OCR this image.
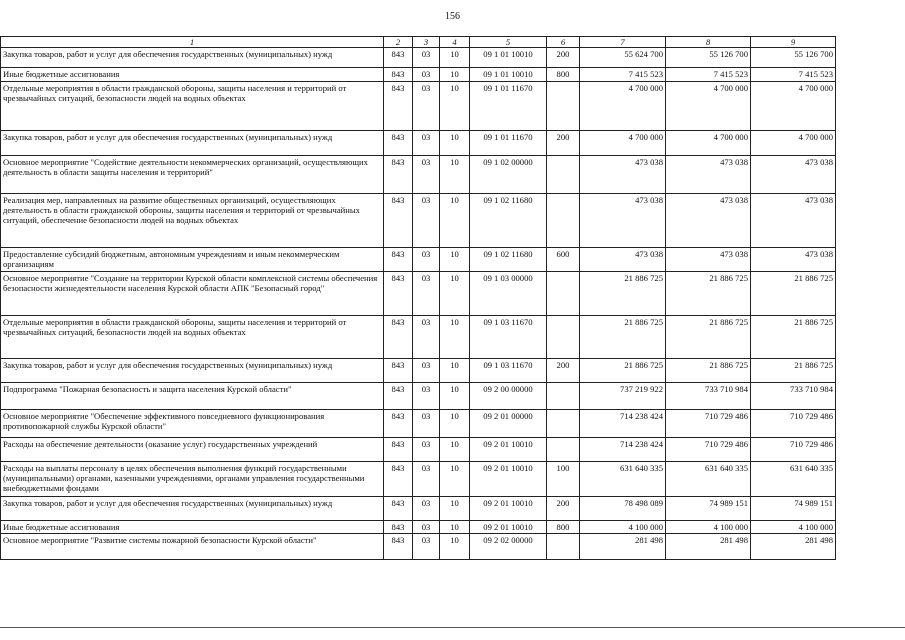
156
1	2	3	4	5	6	7	8	9
Закупка товаров, работ и услуг для обеспечения государственных (муниципальных) нужд	843	03	10	09 1 01 10010	200	55 624 700	55 126 700	55 126 700
Иные бюджетные ассигнования	843	03	10	09 1 01 10010	800	7 415 523	7 415 523	7 415 523
Отдельные мероприятия в области гражданской обороны, защиты населения и территорий от чрезвычайных ситуаций, безопасности людей на водных объектах	843	03	10	09 1 01 11670		4 700 000	4 700 000	4 700 000
Закупка товаров, работ и услуг для обеспечения государственных (муниципальных) нужд	843	03	10	09 1 01 11670	200	4 700 000	4 700 000	4 700 000
Основное мероприятие "Содействие деятельности некоммерческих организаций, осуществляющих деятельность в области защиты населения и территорий"	843	03	10	09 1 02 00000		473 038	473 038	473 038
Реализация мер, направленных на развитие общественных организаций, осуществляющих деятельность в области гражданской обороны, защиты населения и территорий от чрезвычайных ситуаций, обеспечение безопасности людей на водных объектах	843	03	10	09 1 02 11680		473 038	473 038	473 038
Предоставление субсидий бюджетным, автономным учреждениям и иным некоммерческим организациям	843	03	10	09 1 02 11680	600	473 038	473 038	473 038
Основное мероприятие "Создание на территории Курской области комплексной системы обеспечения безопасности жизнедеятельности населения Курской области АПК "Безопасный город"	843	03	10	09 1 03 00000		21 886 725	21 886 725	21 886 725
Отдельные мероприятия в области гражданской обороны, защиты населения и территорий от чрезвычайных ситуаций, безопасности людей на водных объектах	843	03	10	09 1 03 11670		21 886 725	21 886 725	21 886 725
Закупка товаров, работ и услуг для обеспечения государственных (муниципальных) нужд	843	03	10	09 1 03 11670	200	21 886 725	21 886 725	21 886 725
Подпрограмма "Пожарная безопасность и защита населения Курской области"	843	03	10	09 2 00 00000		737 219 922	733 710 984	733 710 984
Основное мероприятие "Обеспечение эффективного повседневного функционирования противопожарной службы Курской области"	843	03	10	09 2 01 00000		714 238 424	710 729 486	710 729 486
Расходы на обеспечение деятельности (оказание услуг) государственных учреждений	843	03	10	09 2 01 10010		714 238 424	710 729 486	710 729 486
Расходы на выплаты персоналу в целях обеспечения выполнения функций государственными (муниципальными) органами, казенными учреждениями, органами управления государственными внебюджетными фондами	843	03	10	09 2 01 10010	100	631 640 335	631 640 335	631 640 335
Закупка товаров, работ и услуг для обеспечения государственных (муниципальных) нужд	843	03	10	09 2 01 10010	200	78 498 089	74 989 151	74 989 151
Иные бюджетные ассигнования	843	03	10	09 2 01 10010	800	4 100 000	4 100 000	4 100 000
Основное мероприятие "Развитие системы пожарной безопасности Курской области"	843	03	10	09 2 02 00000		281 498	281 498	281 498
